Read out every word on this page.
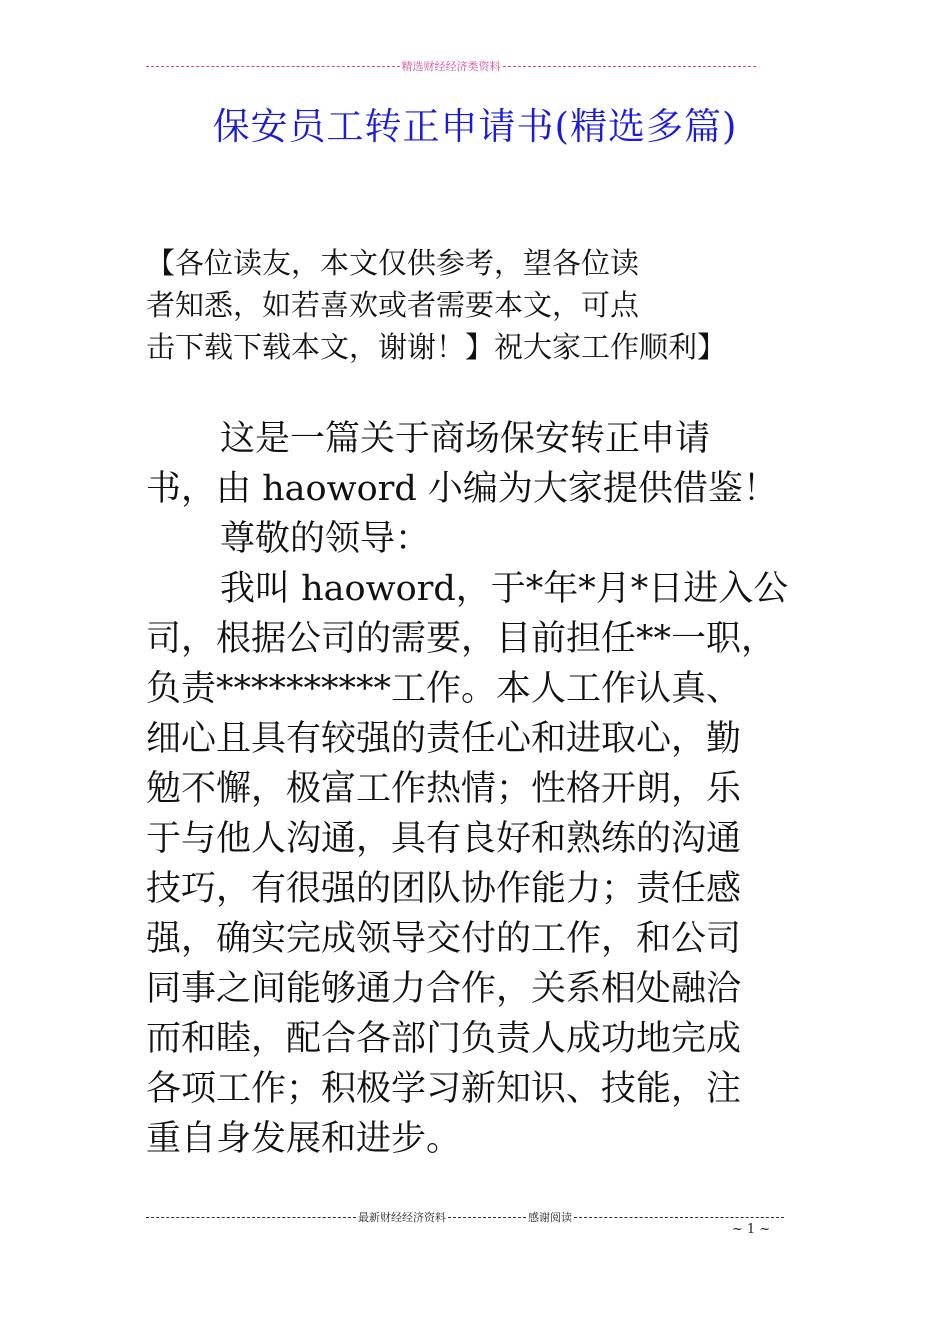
精选财经经济类资料
保安员工转正申请书(精选多篇)
【各位读友，本文仅供参考，望各位读
者知悉，如若喜欢或者需要本文，可点
击下载下载本文，谢谢！】祝大家工作顺利】
这是一篇关于商场保安转正申请
书，由 haoword 小编为大家提供借鉴！
尊敬的领导：
我叫 haoword，于*年*月*日进入公
司，根据公司的需要，目前担任**一职，
负责**********工作。本人工作认真、
细心且具有较强的责任心和进取心，勤
勉不懈，极富工作热情；性格开朗，乐
于与他人沟通，具有良好和熟练的沟通
技巧，有很强的团队协作能力；责任感
强，确实完成领导交付的工作，和公司
同事之间能够通力合作，关系相处融洽
而和睦，配合各部门负责人成功地完成
各项工作；积极学习新知识、技能，注
重自身发展和进步。
最新财经经济资料	感谢阅读
~ 1 ~
